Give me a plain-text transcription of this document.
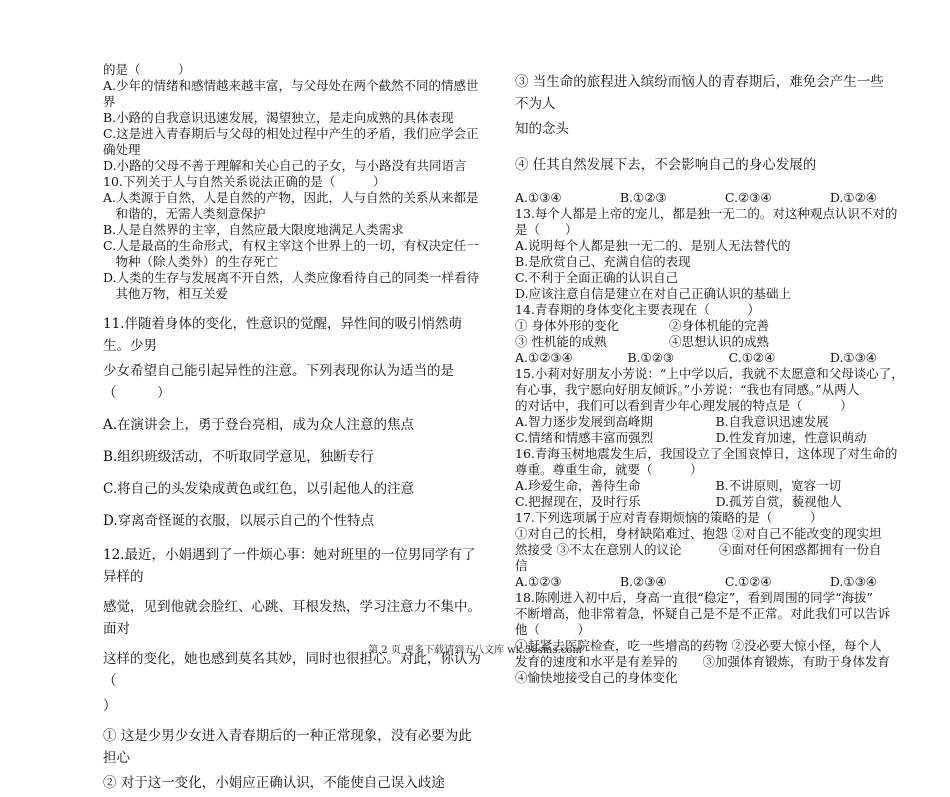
的是（　　　）

A.少年的情绪和感情越来越丰富，与父母处在两个截然不同的情感世

界

B.小路的自我意识迅速发展，渴望独立，是走向成熟的具体表现

C.这是进入青春期后与父母的相处过程中产生的矛盾，我们应学会正

确处理

D.小路的父母不善于理解和关心自己的子女，与小路没有共同语言

10.下列关于人与自然关系说法正确的是（　　　）

A.人类源于自然，人是自然的产物，因此，人与自然的关系从来都是

　和谐的，无需人类刻意保护

B.人是自然界的主宰，自然应最大限度地满足人类需求

C.人是最高的生命形式，有权主宰这个世界上的一切，有权决定任一

　物种（除人类外）的生存死亡

D.人类的生存与发展离不开自然，人类应像看待自己的同类一样看待

　其他万物，相互关爱

11.伴随着身体的变化，性意识的觉醒，异性间的吸引悄然萌生。少男

少女希望自己能引起异性的注意。下列表现你认为适当的是（　　　）

A.在演讲会上，勇于登台亮相，成为众人注意的焦点

B.组织班级活动，不听取同学意见，独断专行

C.将自己的头发染成黄色或红色，以引起他人的注意

D.穿离奇怪诞的衣服，以展示自己的个性特点

12.最近，小娟遇到了一件烦心事：她对班里的一位男同学有了异样的

感觉，见到他就会脸红、心跳、耳根发热，学习注意力不集中。面对

这样的变化，她也感到莫名其妙，同时也很担心。对此，你认为（

）

① 这是少男少女进入青春期后的一种正常现象，没有必要为此担心

② 对于这一变化，小娟应正确认识，不能使自己误入歧途

③ 当生命的旅程进入缤纷而恼人的青春期后，难免会产生一些不为人

知的念头

④ 任其自然发展下去，不会影响自己的身心发展的

A.①③④	B.①②③	C.②③④	D.①②④

13.每个人都是上帝的宠儿，都是独一无二的。对这种观点认识不对的

是（　　）

A.说明每个人都是独一无二的、是别人无法替代的

B.是欣赏自己、充满自信的表现

C.不利于全面正确的认识自己

D.应该注意自信是建立在对自己正确认识的基础上

14.青春期的身体变化主要表现在（　　　）

① 身体外形的变化　　　　②身体机能的完善

③ 性机能的成熟　　　　　④思想认识的成熟

A.①②③④	B.①②③	C.①②④	D.①③④

15.小莉对好朋友小芳说：“上中学以后，我就不太愿意和父母谈心了，

有心事，我宁愿向好朋友倾诉。”小芳说：“我也有同感。”从两人

的对话中，我们可以看到青少年心理发展的特点是（　　　）

A.智力逐步发展到高峰期　　　　　B.自我意识迅速发展

C.情绪和情感丰富而强烈　　　　　D.性发育加速，性意识萌动

16.青海玉树地震发生后，我国设立了全国哀悼日，这体现了对生命的

尊重。尊重生命，就要（　　　）

A.珍爱生命，善待生命　　　　　　B.不讲原则，宽容一切

C.把握现在，及时行乐　　　　　　D.孤芳自赏，藐视他人

17.下列选项属于应对青春期烦恼的策略的是（　　　）

①对自己的长相，身材缺陷难过、抱怨 ②对自己不能改变的现实坦

然接受 ③不太在意别人的议论　　　④面对任何困惑都拥有一份自

信

A.①②③	B.②③④	C.①②④	D.①③④

18.陈刚进入初中后，身高一直很“稳定”，看到周围的同学“海拔”

不断增高，他非常着急，怀疑自己是不是不正常。对此我们可以告诉

他（　　　）

①赶紧去医院检查，吃一些增高的药物 ②没必要大惊小怪，每个人

发育的速度和水平是有差异的　　③加强体育锻炼，有助于身体发育

④愉快地接受自己的身体变化

第 2 页 更多下载请到五八文库 wk.58sms.com
